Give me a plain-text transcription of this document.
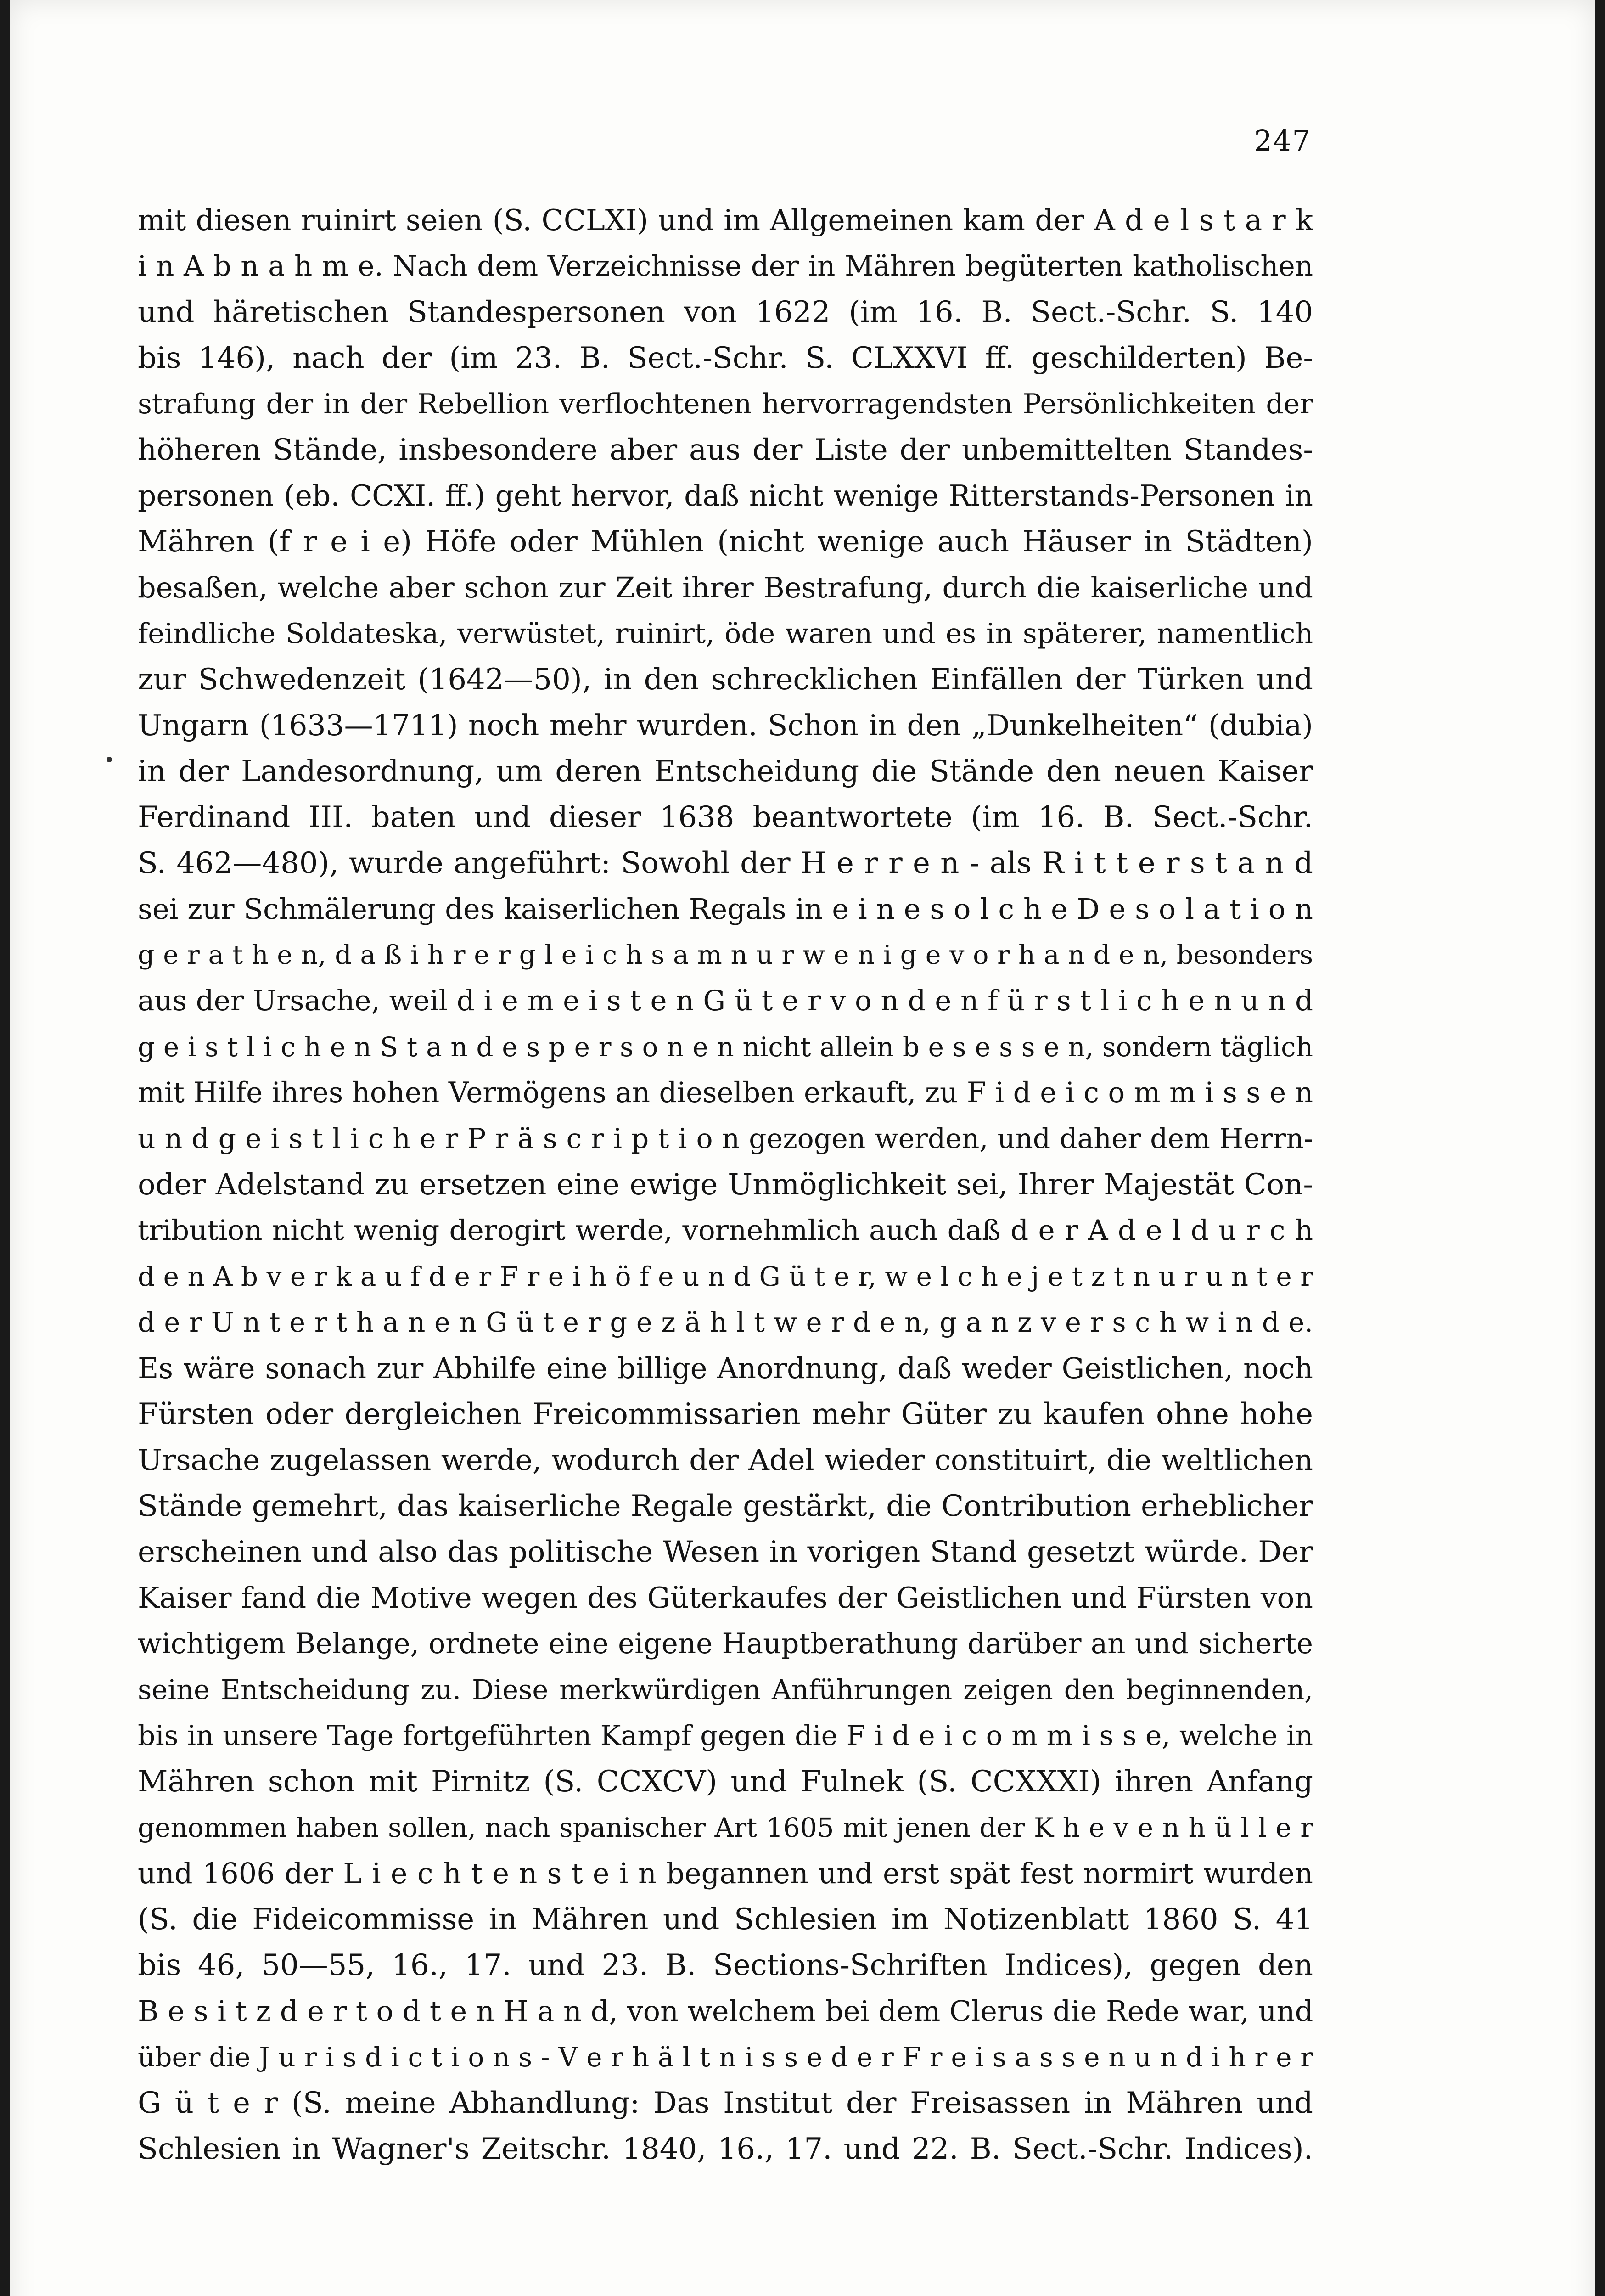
247
mit diesen ruinirt seien (S. CCLXI) und im Allgemeinen kam der A d e l s t a r k
i n A b n a h m e. Nach dem Verzeichnisse der in Mähren begüterten katholischen
und häretischen Standespersonen von 1622 (im 16. B. Sect.-Schr. S. 140
bis 146), nach der (im 23. B. Sect.-Schr. S. CLXXVI ff. geschilderten) Be-
strafung der in der Rebellion verflochtenen hervorragendsten Persönlichkeiten der
höheren Stände, insbesondere aber aus der Liste der unbemittelten Standes-
personen (eb. CCXI. ff.) geht hervor, daß nicht wenige Ritterstands-Personen in
Mähren (f r e i e) Höfe oder Mühlen (nicht wenige auch Häuser in Städten)
besaßen, welche aber schon zur Zeit ihrer Bestrafung, durch die kaiserliche und
feindliche Soldateska, verwüstet, ruinirt, öde waren und es in späterer, namentlich
zur Schwedenzeit (1642—50), in den schrecklichen Einfällen der Türken und
Ungarn (1633—1711) noch mehr wurden. Schon in den „Dunkelheiten“ (dubia)
in der Landesordnung, um deren Entscheidung die Stände den neuen Kaiser
Ferdinand III. baten und dieser 1638 beantwortete (im 16. B. Sect.-Schr.
S. 462—480), wurde angeführt: Sowohl der H e r r e n - als R i t t e r s t a n d
sei zur Schmälerung des kaiserlichen Regals in e i n e s o l c h e D e s o l a t i o n
g e r a t h e n, d a ß i h r e r g l e i c h s a m n u r w e n i g e v o r h a n d e n, besonders
aus der Ursache, weil d i e m e i s t e n G ü t e r v o n d e n f ü r s t l i c h e n u n d
g e i s t l i c h e n S t a n d e s p e r s o n e n nicht allein b e s e s s e n, sondern täglich
mit Hilfe ihres hohen Vermögens an dieselben erkauft, zu F i d e i c o m m i s s e n
u n d g e i s t l i c h e r P r ä s c r i p t i o n gezogen werden, und daher dem Herrn-
oder Adelstand zu ersetzen eine ewige Unmöglichkeit sei, Ihrer Majestät Con-
tribution nicht wenig derogirt werde, vornehmlich auch daß d e r A d e l d u r c h
d e n A b v e r k a u f d e r F r e i h ö f e u n d G ü t e r, w e l c h e j e t z t n u r u n t e r
d e r U n t e r t h a n e n G ü t e r g e z ä h l t w e r d e n, g a n z v e r s c h w i n d e.
Es wäre sonach zur Abhilfe eine billige Anordnung, daß weder Geistlichen, noch
Fürsten oder dergleichen Freicommissarien mehr Güter zu kaufen ohne hohe
Ursache zugelassen werde, wodurch der Adel wieder constituirt, die weltlichen
Stände gemehrt, das kaiserliche Regale gestärkt, die Contribution erheblicher
erscheinen und also das politische Wesen in vorigen Stand gesetzt würde. Der
Kaiser fand die Motive wegen des Güterkaufes der Geistlichen und Fürsten von
wichtigem Belange, ordnete eine eigene Hauptberathung darüber an und sicherte
seine Entscheidung zu. Diese merkwürdigen Anführungen zeigen den beginnenden,
bis in unsere Tage fortgeführten Kampf gegen die F i d e i c o m m i s s e, welche in
Mähren schon mit Pirnitz (S. CCXCV) und Fulnek (S. CCXXXI) ihren Anfang
genommen haben sollen, nach spanischer Art 1605 mit jenen der K h e v e n h ü l l e r
und 1606 der L i e c h t e n s t e i n begannen und erst spät fest normirt wurden
(S. die Fideicommisse in Mähren und Schlesien im Notizenblatt 1860 S. 41
bis 46, 50—55, 16., 17. und 23. B. Sections-Schriften Indices), gegen den
B e s i t z d e r t o d t e n H a n d, von welchem bei dem Clerus die Rede war, und
über die J u r i s d i c t i o n s - V e r h ä l t n i s s e d e r F r e i s a s s e n u n d i h r e r
G ü t e r (S. meine Abhandlung: Das Institut der Freisassen in Mähren und
Schlesien in Wagner's Zeitschr. 1840, 16., 17. und 22. B. Sect.-Schr. Indices).
